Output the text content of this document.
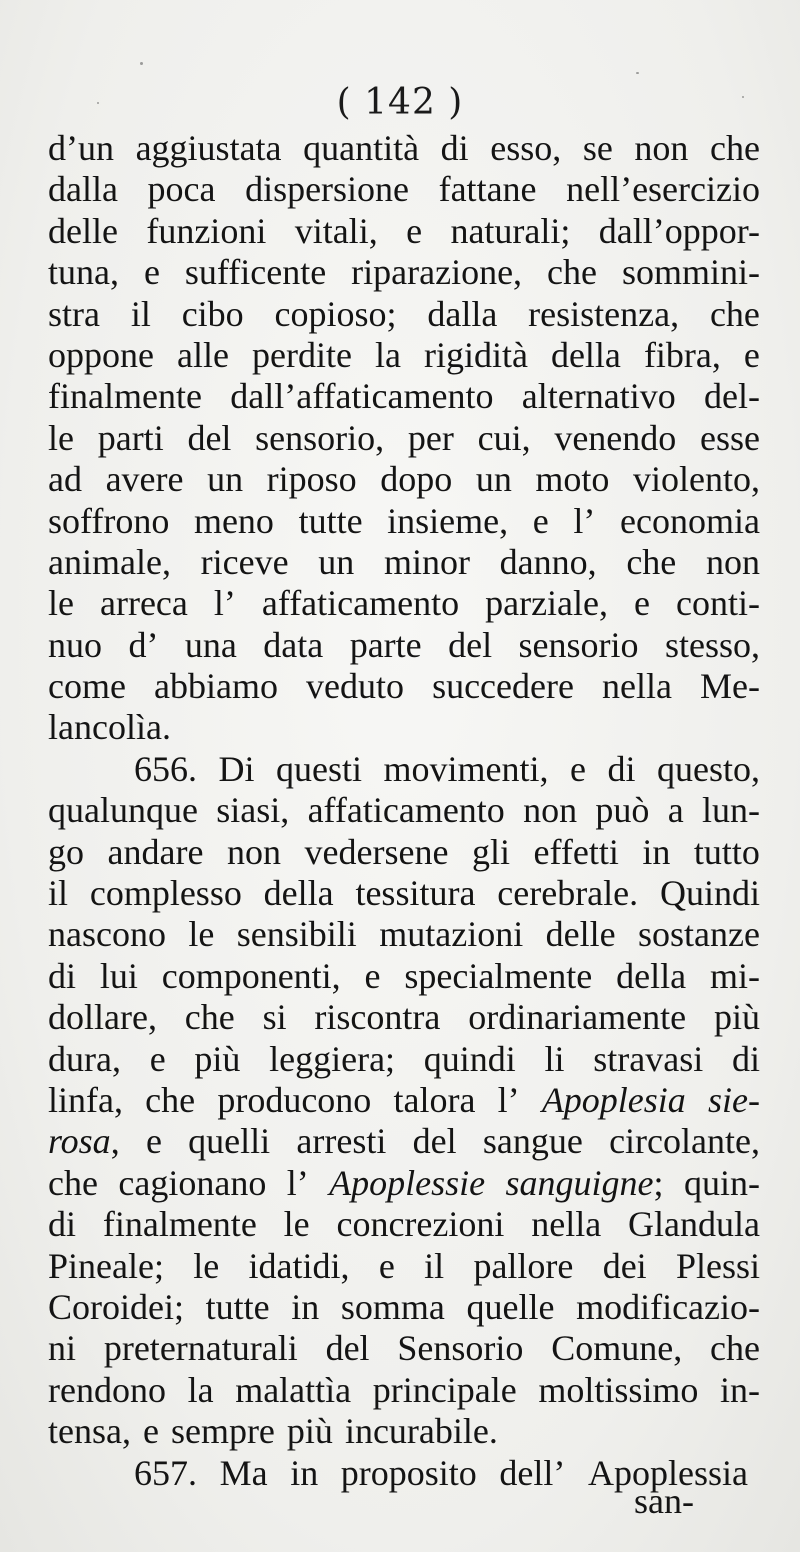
( 142 )
d’un aggiustata quantità di esso, se non che
dalla poca dispersione fattane nell’esercizio
delle funzioni vitali, e naturali; dall’oppor-
tuna, e sufficente riparazione, che sommini-
stra il cibo copioso; dalla resistenza, che
oppone alle perdite la rigidità della fibra, e
finalmente dall’affaticamento alternativo del-
le parti del sensorio, per cui, venendo esse
ad avere un riposo dopo un moto violento,
soffrono meno tutte insieme, e l’ economia
animale, riceve un minor danno, che non
le arreca l’ affaticamento parziale, e conti-
nuo d’ una data parte del sensorio stesso,
come abbiamo veduto succedere nella Me-
lancolìa.
656. Di questi movimenti, e di questo,
qualunque siasi, affaticamento non può a lun-
go andare non vedersene gli effetti in tutto
il complesso della tessitura cerebrale. Quindi
nascono le sensibili mutazioni delle sostanze
di lui componenti, e specialmente della mi-
dollare, che si riscontra ordinariamente più
dura, e più leggiera; quindi li stravasi di
linfa, che producono talora l’ Apoplesia sie-
rosa, e quelli arresti del sangue circolante,
che cagionano l’ Apoplessie sanguigne; quin-
di finalmente le concrezioni nella Glandula
Pineale; le idatidi, e il pallore dei Plessi
Coroidei; tutte in somma quelle modificazio-
ni preternaturali del Sensorio Comune, che
rendono la malattìa principale moltissimo in-
tensa, e sempre più incurabile.
657. Ma in proposito dell’ Apoplessia
san-
